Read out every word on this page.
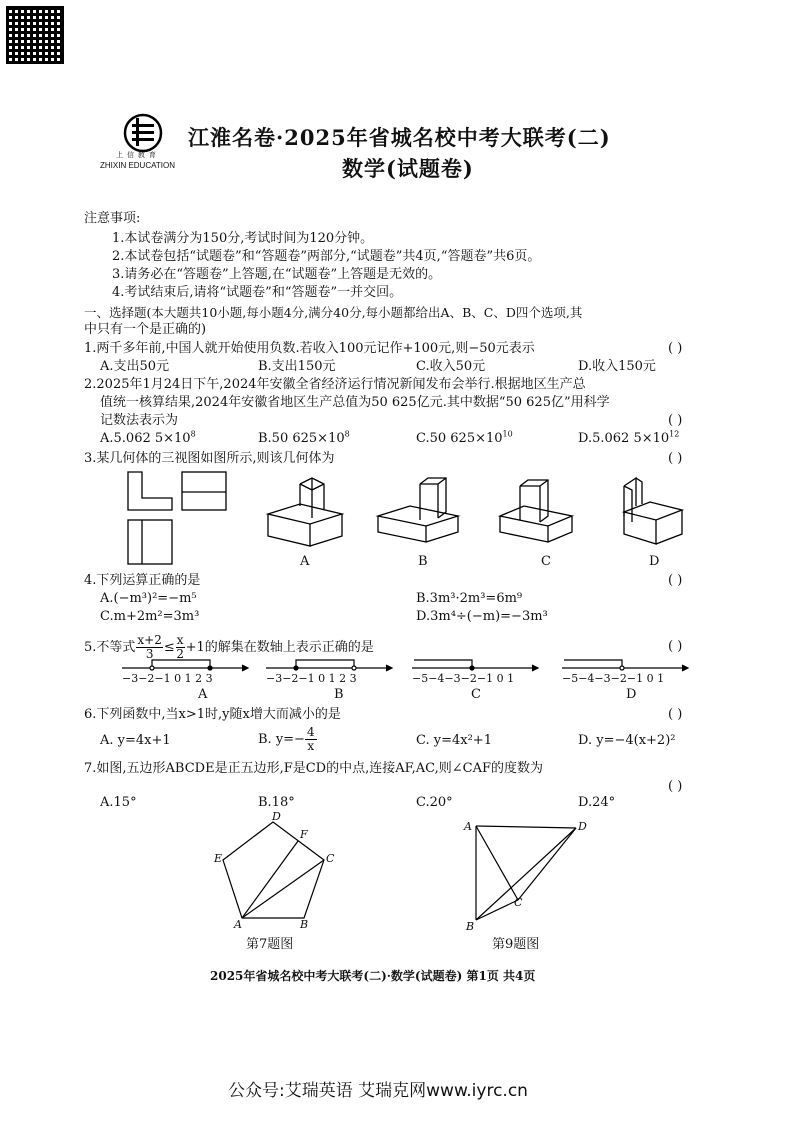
上 信 教 育
ZHIXIN EDUCATION
江淮名卷·2025年省城名校中考大联考(二)
数学(试题卷)
注意事项:
1.本试卷满分为150分,考试时间为120分钟。
2.本试卷包括“试题卷”和“答题卷”两部分,“试题卷”共4页,“答题卷”共6页。
3.请务必在“答题卷”上答题,在“试题卷”上答题是无效的。
4.考试结束后,请将“试题卷”和“答题卷”一并交回。
一、选择题(本大题共10小题,每小题4分,满分40分,每小题都给出A、B、C、D四个选项,其
中只有一个是正确的)
1.两千多年前,中国人就开始使用负数.若收入100元记作+100元,则−50元表示	( )
A.支出50元	B.支出150元	C.收入50元	D.收入150元
2.2025年1月24日下午,2024年安徽全省经济运行情况新闻发布会举行.根据地区生产总
值统一核算结果,2024年安徽省地区生产总值为50 625亿元.其中数据“50 625亿”用科学
记数法表示为	( )
A.5.062 $5\times 10^8$	B.50 $625\times 10^8$	C.50 $625\times 10^{10}$	D.5.062 $5\times 10^{12}$
3.某几何体的三视图如图所示,则该几何体为	( )
A	B	C	D
4.下列运算正确的是	( )
A.(−m³)²=−m⁵	B.3m³·2m³=6m⁹
C.m+2m²=3m³	D.3m⁴÷(−m)=−3m³
5.不等式 $\frac{x+2}{3} \le \frac{x}{2} +1$的解集在数轴上表示正确的是	( )
−3−2−1 0 1 2 3	−3−2−1 0 1 2 3	−5−4−3−2−1 0 1	−5−4−3−2−1 0 1
A	B	C	D
6.下列函数中,当x>1时,y随x增大而减小的是	( )
A. y=4x+1	B. $y=- \frac{4}{x}$	C. y=4x²+1	D. y=−4(x+2)²
7.如图,五边形ABCDE是正五边形,F是CD的中点,连接AF,AC,则∠CAF的度数为
( )
A.15°	B.18°	C.20°	D.24°
A	B
C
D
E
F
第7题图
A
B
C
D
第9题图
2025年省城名校中考大联考(二)·数学(试题卷) 第1页 共4页
公众号:艾瑞英语 艾瑞克网www.iyrc.cn
